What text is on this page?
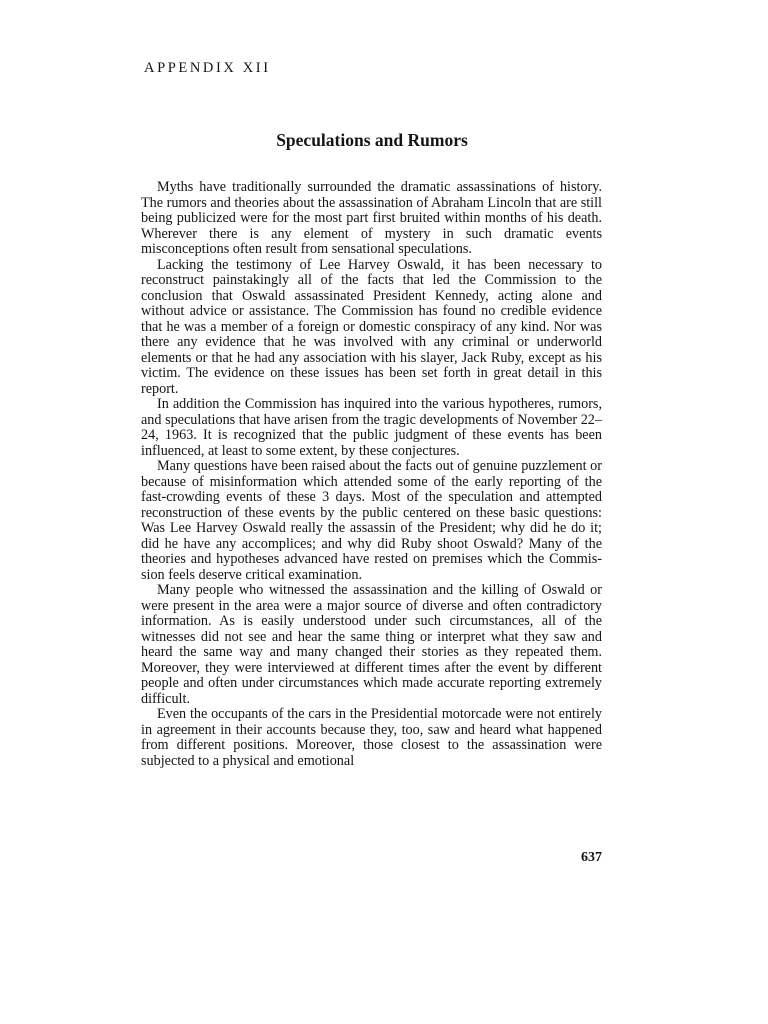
APPENDIX XII
Speculations and Rumors

Myths have traditionally surrounded the dramatic assassinations of history. The rumors and theories about the assassination of Abraham Lincoln that are still being publicized were for the most part first bruited within months of his death. Wherever there is any element of mystery in such dramatic events misconceptions often result from sensational speculations.

Lacking the testimony of Lee Harvey Oswald, it has been necessary to reconstruct painstakingly all of the facts that led the Commission to the conclusion that Oswald assassinated President Kennedy, acting alone and without advice or assistance. The Commission has found no credible evidence that he was a member of a foreign or domestic conspiracy of any kind. Nor was there any evidence that he was involved with any criminal or underworld elements or that he had any association with his slayer, Jack Ruby, except as his victim. The evidence on these issues has been set forth in great detail in this report.

In addition the Commission has inquired into the various hypotheres, rumors, and speculations that have arisen from the tragic developments of November 22–24, 1963. It is recognized that the public judgment of these events has been influenced, at least to some extent, by these conjectures.

Many questions have been raised about the facts out of genuine puzzlement or because of misinformation which attended some of the early reporting of the fast-crowding events of these 3 days. Most of the speculation and attempted reconstruction of these events by the public centered on these basic questions: Was Lee Harvey Oswald really the assassin of the President; why did he do it; did he have any accomplices; and why did Ruby shoot Oswald? Many of the theories and hypotheses advanced have rested on premises which the Commission feels deserve critical examination.

Many people who witnessed the assassination and the killing of Oswald or were present in the area were a major source of diverse and often contradictory information. As is easily understood under such circumstances, all of the witnesses did not see and hear the same thing or interpret what they saw and heard the same way and many changed their stories as they repeated them. Moreover, they were interviewed at different times after the event by different people and often under circumstances which made accurate reporting extremely difficult.

Even the occupants of the cars in the Presidential motorcade were not entirely in agreement in their accounts because they, too, saw and heard what happened from different positions. Moreover, those closest to the assassination were subjected to a physical and emotional

637
